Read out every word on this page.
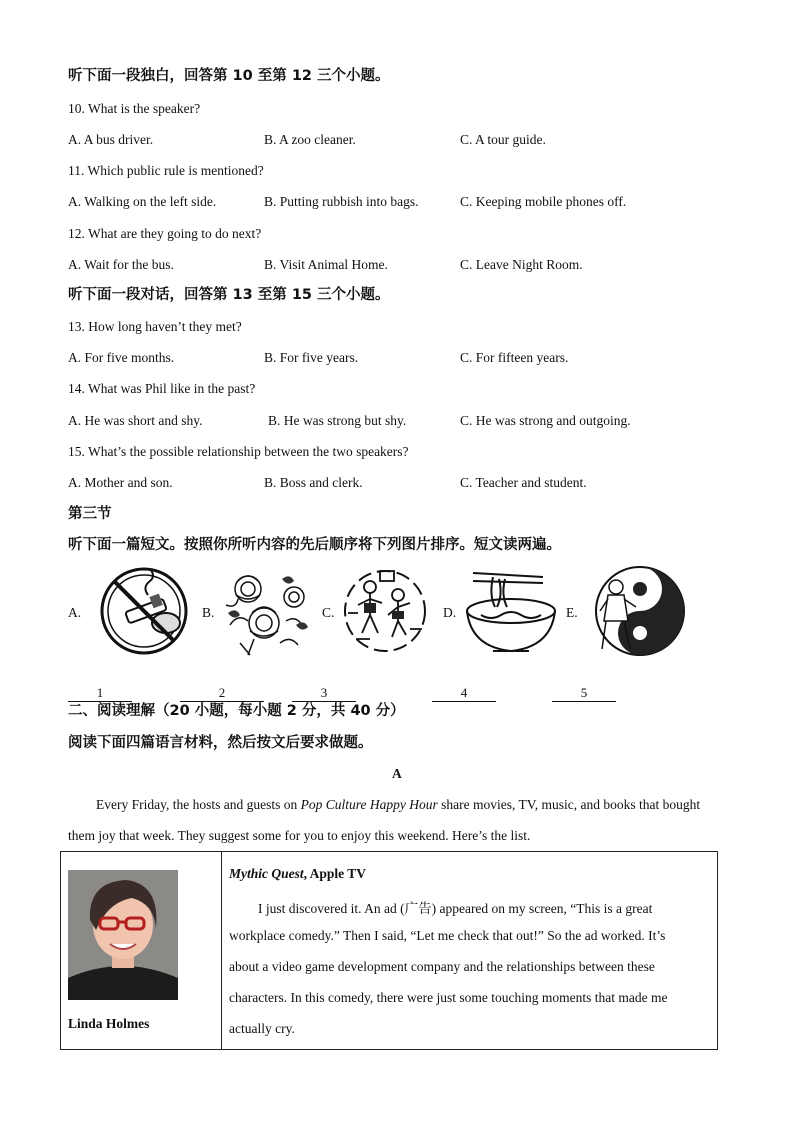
听下面一段独白，回答第 10 至第 12 三个小题。
10. What is the speaker?
A. A bus driver.	B. A zoo cleaner.	C. A tour guide.
11. Which public rule is mentioned?
A. Walking on the left side.	B. Putting rubbish into bags.	C. Keeping mobile phones off.
12. What are they going to do next?
A. Wait for the bus.	B. Visit Animal Home.	C. Leave Night Room.
听下面一段对话，回答第 13 至第 15 三个小题。
13. How long haven’t they met?
A. For five months.	B. For five years.	C. For fifteen years.
14. What was Phil like in the past?
A. He was short and shy.	B. He was strong but shy.	C. He was strong and outgoing.
15. What’s the possible relationship between the two speakers?
A. Mother and son.	B. Boss and clerk.	C. Teacher and student.
第三节
听下面一篇短文。按照你所听内容的先后顺序将下列图片排序。短文读两遍。
A.	B.	C.	D.	E.
1	2	3	4	5
二、阅读理解（20 小题，每小题 2 分，共 40 分）
阅读下面四篇语言材料，然后按文后要求做题。
A
Every Friday, the hosts and guests on Pop Culture Happy Hour share movies, TV, music, and books that bought
them joy that week. They suggest some for you to enjoy this weekend. Here’s the list.
Linda Holmes

Mythic Quest, Apple TV
I just discovered it. An ad (广告) appeared on my screen, “This is a great
workplace comedy.” Then I said, “Let me check that out!” So the ad worked. It’s
about a video game development company and the relationships between these
characters. In this comedy, there were just some touching moments that made me
actually cry.
